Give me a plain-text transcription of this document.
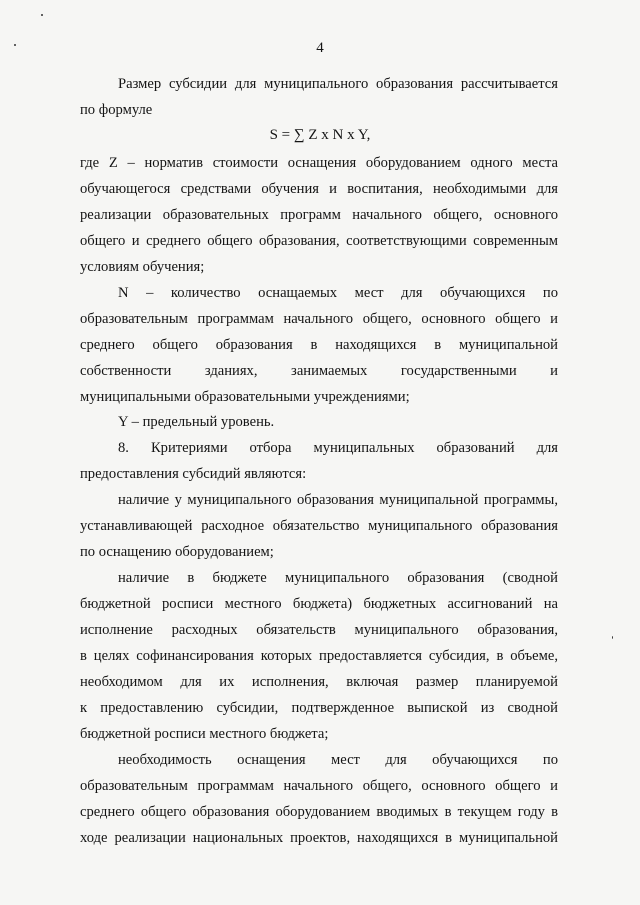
4
Размер субсидии для муниципального образования рассчитывается
по формуле
S = ∑ Z x N x Y,
где Z – норматив стоимости оснащения оборудованием одного места
обучающегося средствами обучения и воспитания, необходимыми для
реализации образовательных программ начального общего, основного
общего и среднего общего образования, соответствующими современным
условиям обучения;
N – количество оснащаемых мест для обучающихся по
образовательным программам начального общего, основного общего и
среднего общего образования в находящихся в муниципальной
собственности зданиях, занимаемых государственными и
муниципальными образовательными учреждениями;
Y – предельный уровень.
8. Критериями отбора муниципальных образований для
предоставления субсидий являются:
наличие у муниципального образования муниципальной программы,
устанавливающей расходное обязательство муниципального образования
по оснащению оборудованием;
наличие в бюджете муниципального образования (сводной
бюджетной росписи местного бюджета) бюджетных ассигнований на
исполнение расходных обязательств муниципального образования,
в целях софинансирования которых предоставляется субсидия, в объеме,
необходимом для их исполнения, включая размер планируемой
к предоставлению субсидии, подтвержденное выпиской из сводной
бюджетной росписи местного бюджета;
необходимость оснащения мест для обучающихся по
образовательным программам начального общего, основного общего и
среднего общего образования оборудованием вводимых в текущем году в
ходе реализации национальных проектов, находящихся в муниципальной
